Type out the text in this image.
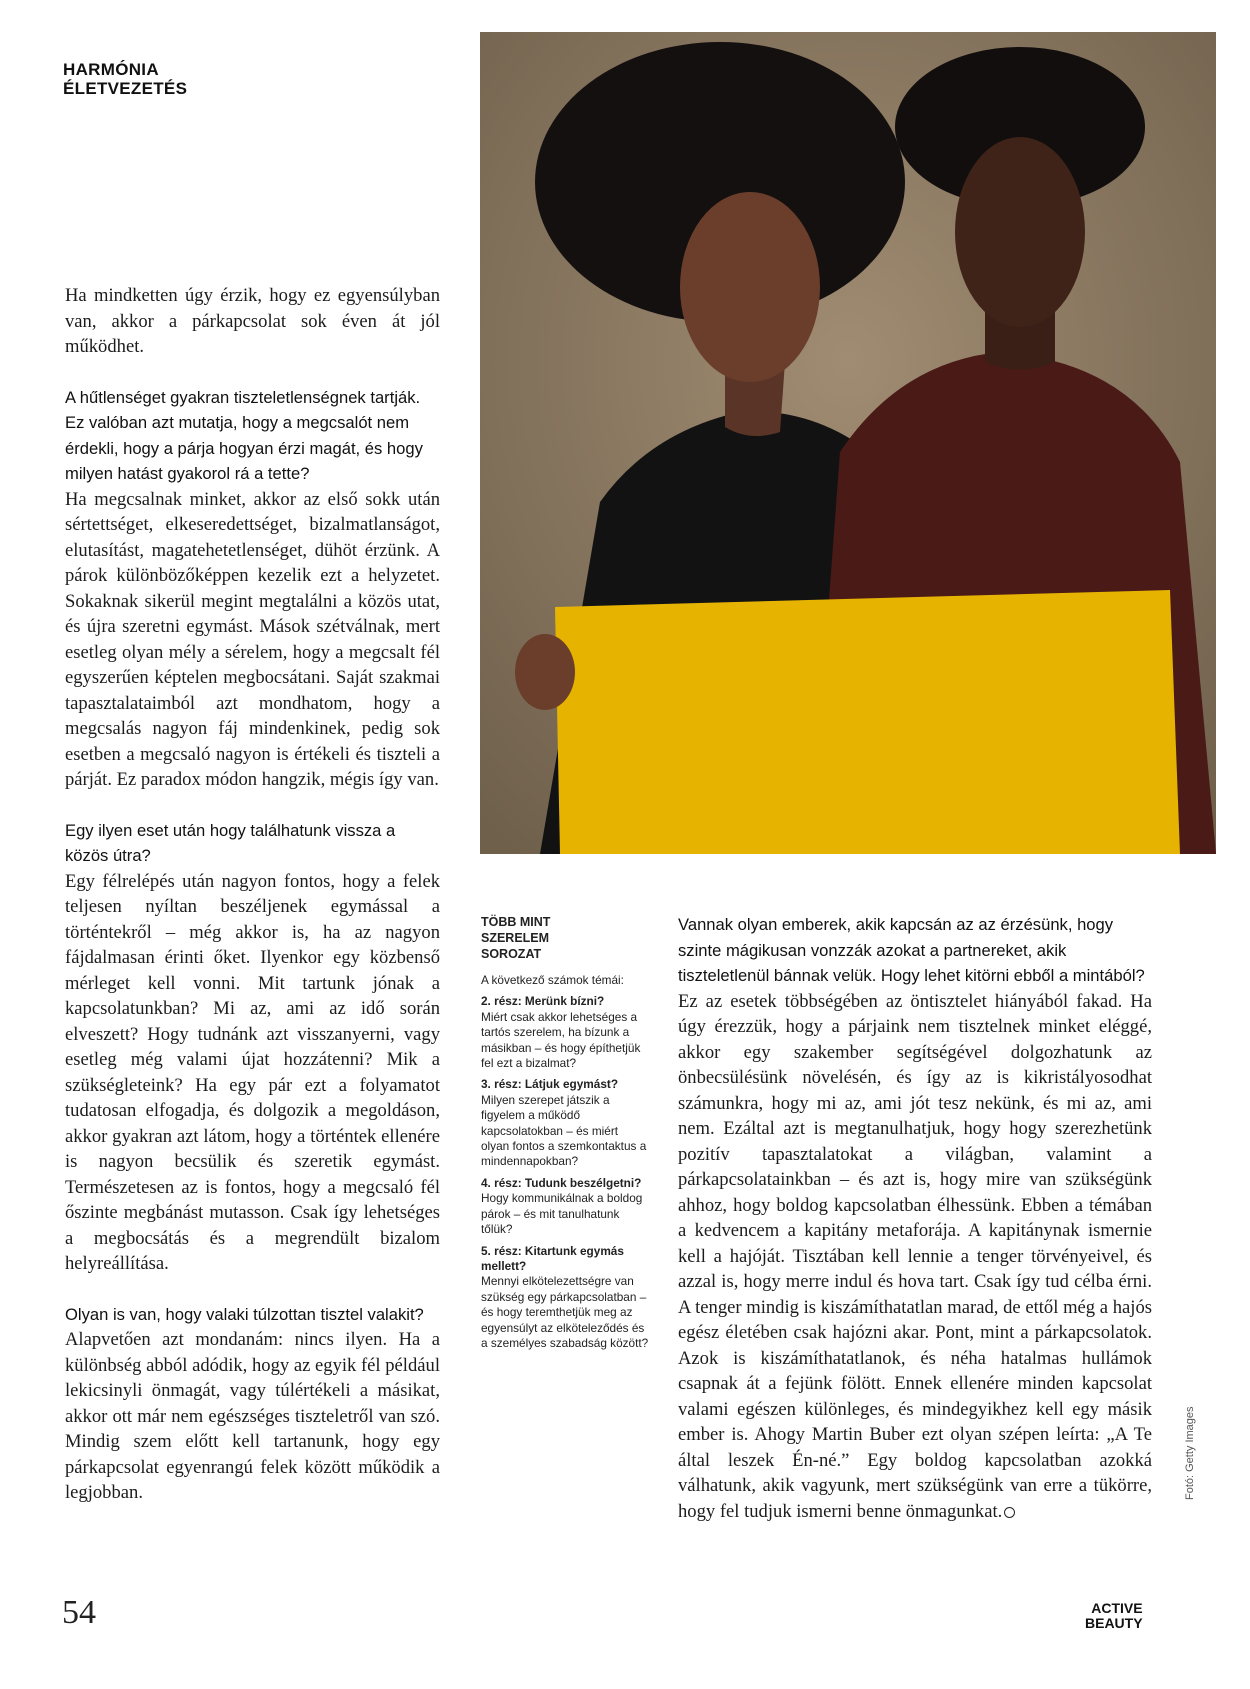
HARMÓNIA
ÉLETVEZETÉS

Ha mindketten úgy érzik, hogy ez egyensúlyban van, akkor a párkapcsolat sok éven át jól működhet.

A hűtlenséget gyakran tiszteletlenségnek tartják. Ez valóban azt mutatja, hogy a megcsalót nem érdekli, hogy a párja hogyan érzi magát, és hogy milyen hatást gyakorol rá a tette?

Ha megcsalnak minket, akkor az első sokk után sértettséget, elkeseredettséget, bizalmatlanságot, elutasítást, magatehetetlenséget, dühöt érzünk. A párok különbözőképpen kezelik ezt a helyzetet. Sokaknak sikerül megint megtalálni a közös utat, és újra szeretni egymást. Mások szétválnak, mert esetleg olyan mély a sérelem, hogy a megcsalt fél egyszerűen képtelen megbocsátani. Saját szakmai tapasztalataimból azt mondhatom, hogy a megcsalás nagyon fáj mindenkinek, pedig sok esetben a megcsaló nagyon is értékeli és tiszteli a párját. Ez paradox módon hangzik, mégis így van.

Egy ilyen eset után hogy találhatunk vissza a közös útra?

Egy félrelépés után nagyon fontos, hogy a felek teljesen nyíltan beszéljenek egymással a történtekről – még akkor is, ha az nagyon fájdalmasan érinti őket. Ilyenkor egy közbenső mérleget kell vonni. Mit tartunk jónak a kapcsolatunkban? Mi az, ami az idő során elveszett? Hogy tudnánk azt visszanyerni, vagy esetleg még valami újat hozzátenni? Mik a szükségleteink? Ha egy pár ezt a folyamatot tudatosan elfogadja, és dolgozik a megoldáson, akkor gyakran azt látom, hogy a történtek ellenére is nagyon becsülik és szeretik egymást. Természetesen az is fontos, hogy a megcsaló fél őszinte megbánást mutasson. Csak így lehetséges a megbocsátás és a megrendült bizalom helyreállítása.

Olyan is van, hogy valaki túlzottan tisztel valakit?

Alapvetően azt mondanám: nincs ilyen. Ha a különbség abból adódik, hogy az egyik fél például lekicsinyli önmagát, vagy túlértékeli a másikat, akkor ott már nem egészséges tiszteletről van szó. Mindig szem előtt kell tartanunk, hogy egy párkapcsolat egyenrangú felek között működik a legjobban.

TÖBB MINT
SZERELEM
SOROZAT
A következő számok témái:
2. rész: Merünk bízni?
Miért csak akkor lehetséges a tartós szerelem, ha bízunk a másikban – és hogy építhetjük fel ezt a bizalmat?
3. rész: Látjuk egymást?
Milyen szerepet játszik a figyelem a működő kapcsolatokban – és miért olyan fontos a szemkontaktus a mindennapokban?
4. rész: Tudunk beszélgetni?
Hogy kommunikálnak a boldog párok – és mit tanulhatunk tőlük?
5. rész: Kitartunk egymás mellett?
Mennyi elkötelezettségre van szükség egy párkapcsolatban – és hogy teremthetjük meg az egyensúlyt az elköteleződés és a személyes szabadság között?

Vannak olyan emberek, akik kapcsán az az érzésünk, hogy szinte mágikusan vonzzák azokat a partnereket, akik tiszteletlenül bánnak velük. Hogy lehet kitörni ebből a mintából?

Ez az esetek többségében az öntisztelet hiányából fakad. Ha úgy érezzük, hogy a párjaink nem tisztelnek minket eléggé, akkor egy szakember segítségével dolgozhatunk az önbecsülésünk növelésén, és így az is kikristályosodhat számunkra, hogy mi az, ami jót tesz nekünk, és mi az, ami nem. Ezáltal azt is megtanulhatjuk, hogy hogy szerezhetünk pozitív tapasztalatokat a világban, valamint a párkapcsolatainkban – és azt is, hogy mire van szükségünk ahhoz, hogy boldog kapcsolatban élhessünk. Ebben a témában a kedvencem a kapitány metaforája. A kapitánynak ismernie kell a hajóját. Tisztában kell lennie a tenger törvényeivel, és azzal is, hogy merre indul és hova tart. Csak így tud célba érni. A tenger mindig is kiszámíthatatlan marad, de ettől még a hajós egész életében csak hajózni akar. Pont, mint a párkapcsolatok. Azok is kiszámíthatatlanok, és néha hatalmas hullámok csapnak át a fejünk fölött. Ennek ellenére minden kapcsolat valami egészen különleges, és mindegyikhez kell egy másik ember is. Ahogy Martin Buber ezt olyan szépen leírta: „A Te által leszek Én-né.” Egy boldog kapcsolatban azokká válhatunk, akik vagyunk, mert szükségünk van erre a tükörre, hogy fel tudjuk ismerni benne önmagunkat.

Fotó: Getty Images
54	ACTIVE
BEAUTY
